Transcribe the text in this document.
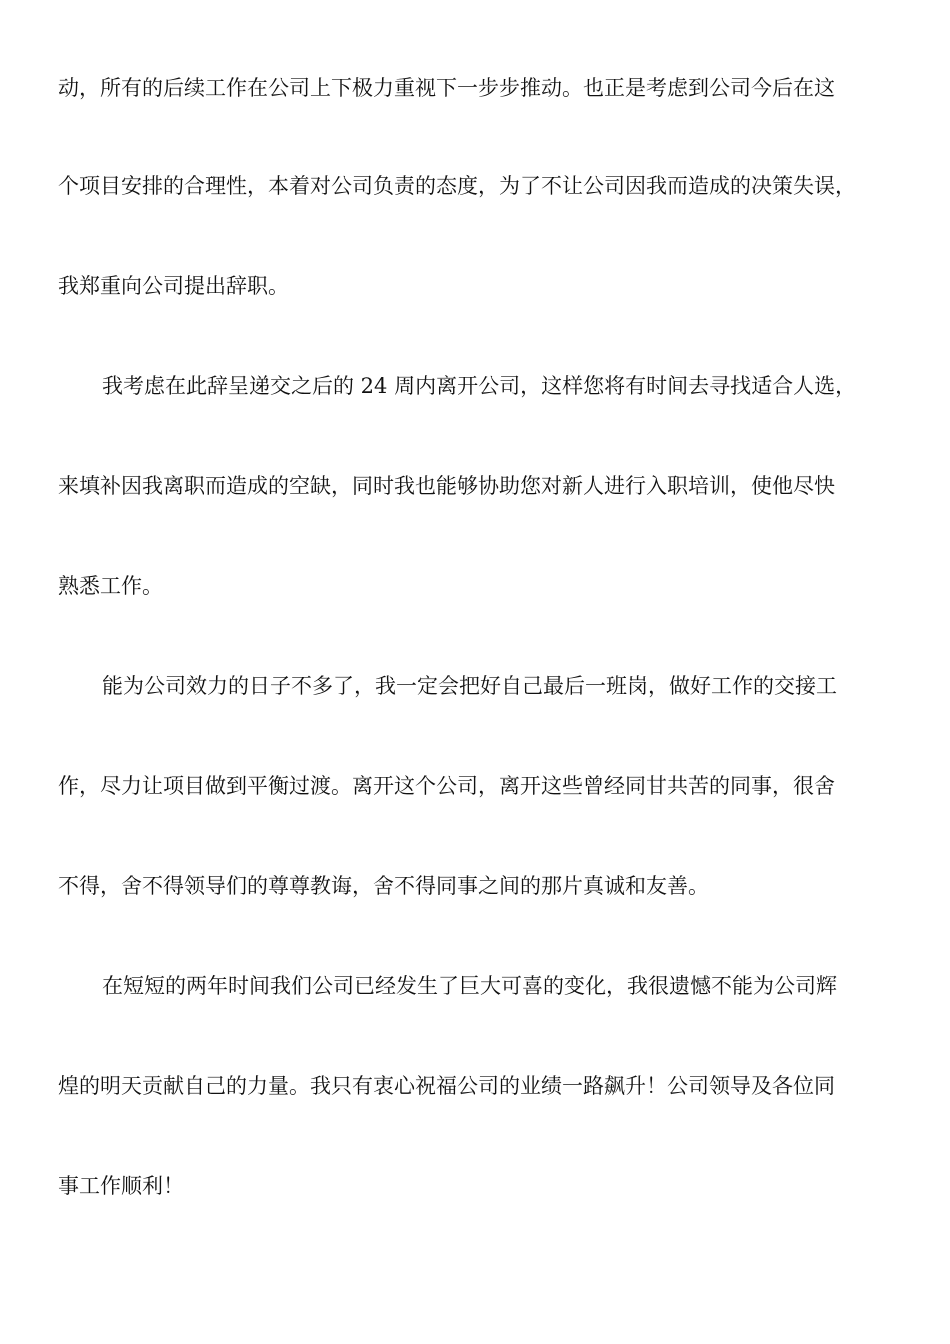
动，所有的后续工作在公司上下极力重视下一步步推动。也正是考虑到公司今后在这
个项目安排的合理性，本着对公司负责的态度，为了不让公司因我而造成的决策失误，
我郑重向公司提出辞职。
我考虑在此辞呈递交之后的 24 周内离开公司，这样您将有时间去寻找适合人选，
来填补因我离职而造成的空缺，同时我也能够协助您对新人进行入职培训，使他尽快
熟悉工作。
能为公司效力的日子不多了，我一定会把好自己最后一班岗，做好工作的交接工
作，尽力让项目做到平衡过渡。离开这个公司，离开这些曾经同甘共苦的同事，很舍
不得，舍不得领导们的尊尊教诲，舍不得同事之间的那片真诚和友善。
在短短的两年时间我们公司已经发生了巨大可喜的变化，我很遗憾不能为公司辉
煌的明天贡献自己的力量。我只有衷心祝福公司的业绩一路飙升！公司领导及各位同
事工作顺利！
